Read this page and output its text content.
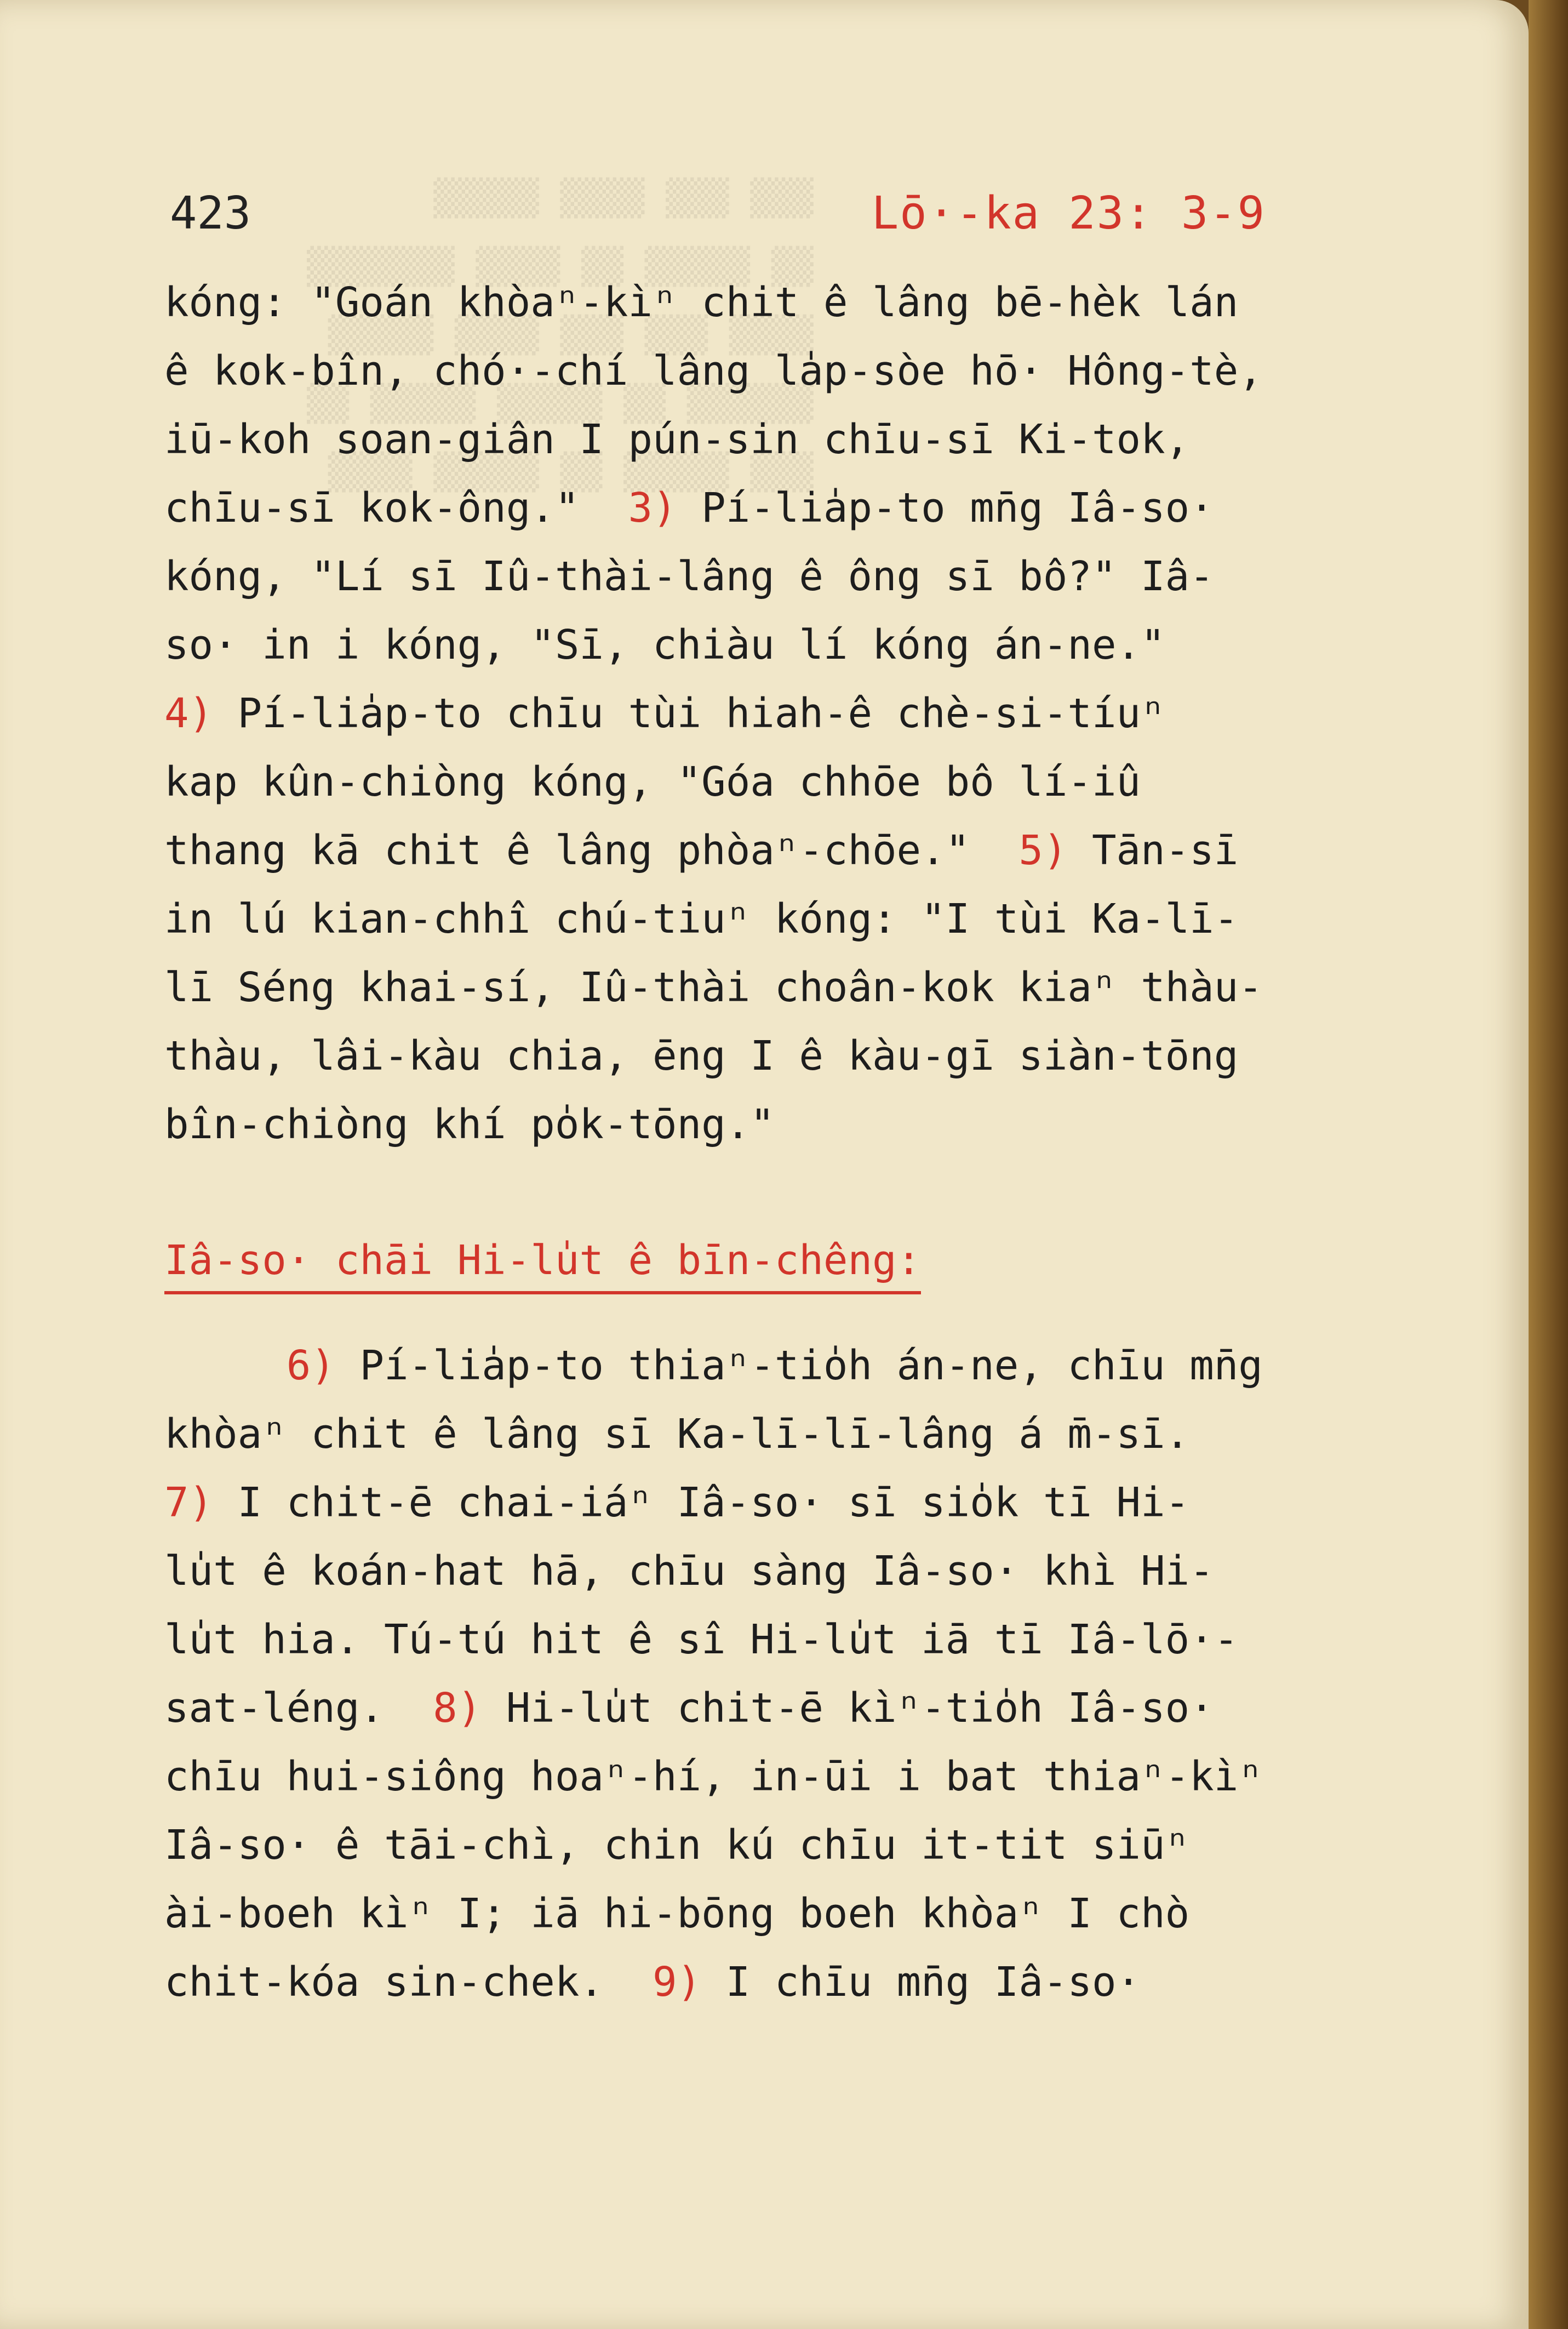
▒▒▒ ▒▒▒ ▒▒▒▒ ▒▒▒▒▒
▒▒ ▒▒▒▒▒ ▒▒ ▒▒▒▒ ▒▒▒▒▒▒▒
▒▒▒▒ ▒▒▒ ▒▒▒ ▒▒▒▒ ▒▒▒▒▒
▒▒▒▒▒▒ ▒▒ ▒▒▒▒▒ ▒▒▒▒▒ ▒▒
▒▒▒ ▒▒▒▒▒ ▒▒ ▒▒▒▒▒ ▒▒▒▒
423	Lō·-ka 23: 3-9
kóng: "Goán khòaⁿ-kìⁿ chit ê lâng bē-hèk lán
ê kok-bîn, chó·-chí lâng la̍p-sòe hō· Hông-tè,
iū-koh soan-giân I pún-sin chīu-sī Ki-tok,
chīu-sī kok-ông." 3) Pí-lia̍p-to mn̄g Iâ-so·
kóng, "Lí sī Iû-thài-lâng ê ông sī bô?" Iâ-
so· in i kóng, "Sī, chiàu lí kóng án-ne."
4) Pí-lia̍p-to chīu tùi hiah-ê chè-si-tíuⁿ
kap kûn-chiòng kóng, "Góa chhōe bô lí-iû
thang kā chit ê lâng phòaⁿ-chōe." 5) Tān-sī
in lú kian-chhî chú-tiuⁿ kóng: "I tùi Ka-lī-
lī Séng khai-sí, Iû-thài choân-kok kiaⁿ thàu-
thàu, lâi-kàu chia, ēng I ê kàu-gī siàn-tōng
bîn-chiòng khí po̍k-tōng."
Iâ-so· chāi Hi-lu̍t ê bīn-chêng:
6) Pí-lia̍p-to thiaⁿ-tio̍h án-ne, chīu mn̄g
khòaⁿ chit ê lâng sī Ka-lī-lī-lâng á m̄-sī.
7) I chit-ē chai-iáⁿ Iâ-so· sī sio̍k tī Hi-
lu̍t ê koán-hat hā, chīu sàng Iâ-so· khì Hi-
lu̍t hia. Tú-tú hit ê sî Hi-lu̍t iā tī Iâ-lō·-
sat-léng. 8) Hi-lu̍t chit-ē kìⁿ-tio̍h Iâ-so·
chīu hui-siông hoaⁿ-hí, in-ūi i bat thiaⁿ-kìⁿ
Iâ-so· ê tāi-chì, chin kú chīu it-tit siūⁿ
ài-boeh kìⁿ I; iā hi-bōng boeh khòaⁿ I chò
chit-kóa sin-chek. 9) I chīu mn̄g Iâ-so·
